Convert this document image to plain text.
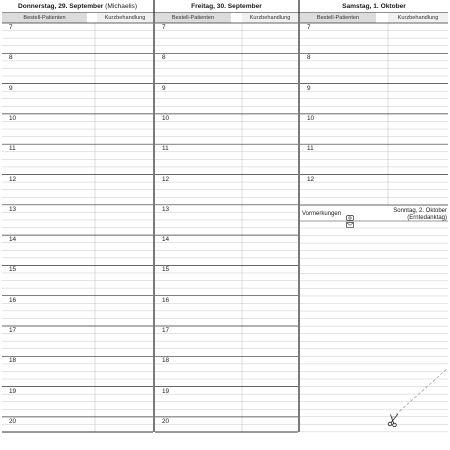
Donnerstag, 29. September (Michaelis)
Bestell-Patienten	Kurzbehandlung
Freitag, 30. September
Bestell-Patienten	Kurzbehandlung
Samstag, 1. Oktober
Bestell-Patienten	Kurzbehandlung
Vormerkungen	Sonntag, 2. Oktober
(Erntedanktag)
7
8
9
10
11
12
13
14
15
16
17
18
19
20
7
8
9
10
11
12
13
14
15
16
17
18
19
20
7
8
9
10
11
12
